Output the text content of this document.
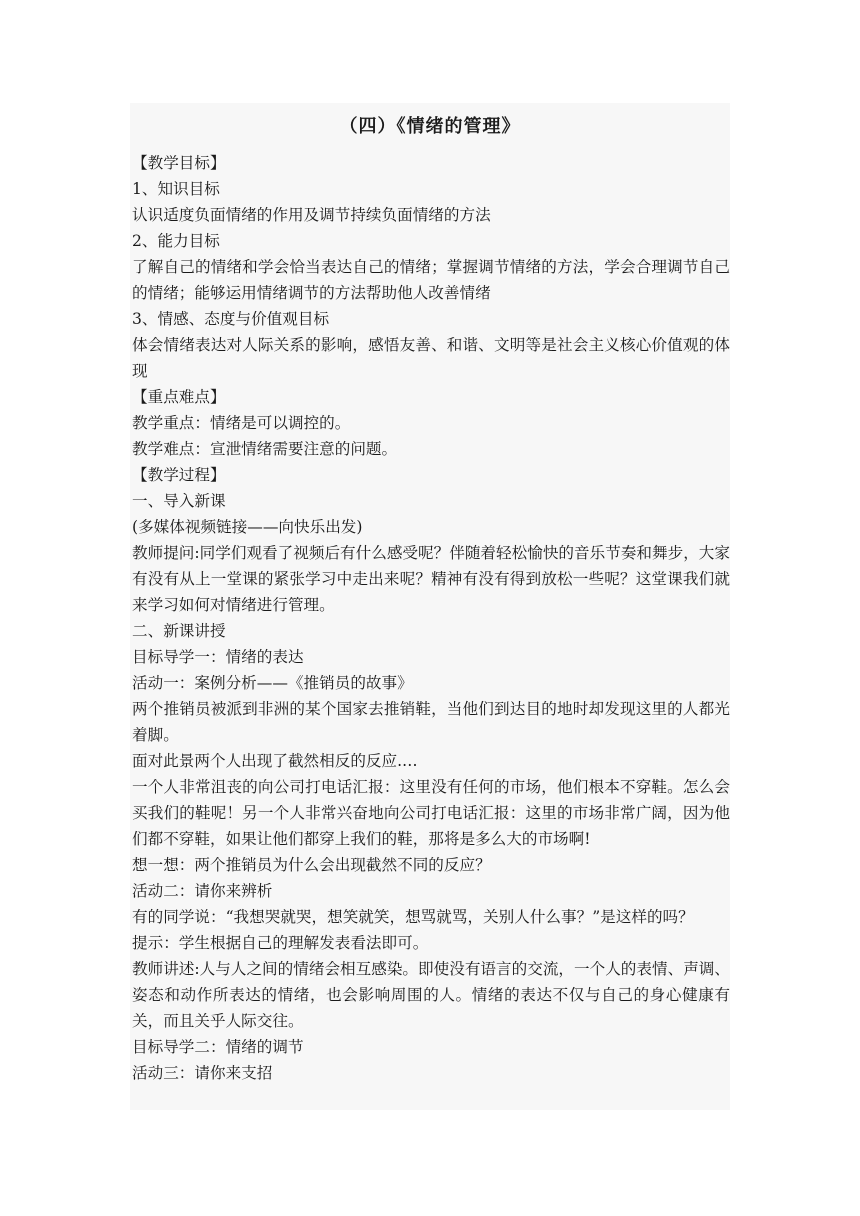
（四）《情绪的管理》

【教学目标】

1、知识目标

认识适度负面情绪的作用及调节持续负面情绪的方法

2、能力目标

了解自己的情绪和学会恰当表达自己的情绪；掌握调节情绪的方法，学会合理调节自己的情绪；能够运用情绪调节的方法帮助他人改善情绪

3、情感、态度与价值观目标

体会情绪表达对人际关系的影响，感悟友善、和谐、文明等是社会主义核心价值观的体现

【重点难点】

教学重点：情绪是可以调控的。

教学难点：宣泄情绪需要注意的问题。

【教学过程】

一、导入新课

(多媒体视频链接——向快乐出发)

教师提问:同学们观看了视频后有什么感受呢？伴随着轻松愉快的音乐节奏和舞步，大家有没有从上一堂课的紧张学习中走出来呢？精神有没有得到放松一些呢？这堂课我们就来学习如何对情绪进行管理。

二、新课讲授

目标导学一：情绪的表达

活动一：案例分析——《推销员的故事》

两个推销员被派到非洲的某个国家去推销鞋，当他们到达目的地时却发现这里的人都光着脚。

面对此景两个人出现了截然相反的反应.…

一个人非常沮丧的向公司打电话汇报：这里没有任何的市场，他们根本不穿鞋。怎么会买我们的鞋呢！另一个人非常兴奋地向公司打电话汇报：这里的市场非常广阔，因为他们都不穿鞋，如果让他们都穿上我们的鞋，那将是多么大的市场啊!

想一想：两个推销员为什么会出现截然不同的反应？

活动二：请你来辨析

有的同学说：“我想哭就哭，想笑就笑，想骂就骂，关别人什么事？”是这样的吗？

提示：学生根据自己的理解发表看法即可。

教师讲述:人与人之间的情绪会相互感染。即使没有语言的交流，一个人的表情、声调、姿态和动作所表达的情绪，也会影响周围的人。情绪的表达不仅与自己的身心健康有关，而且关乎人际交往。

目标导学二：情绪的调节

活动三：请你来支招
